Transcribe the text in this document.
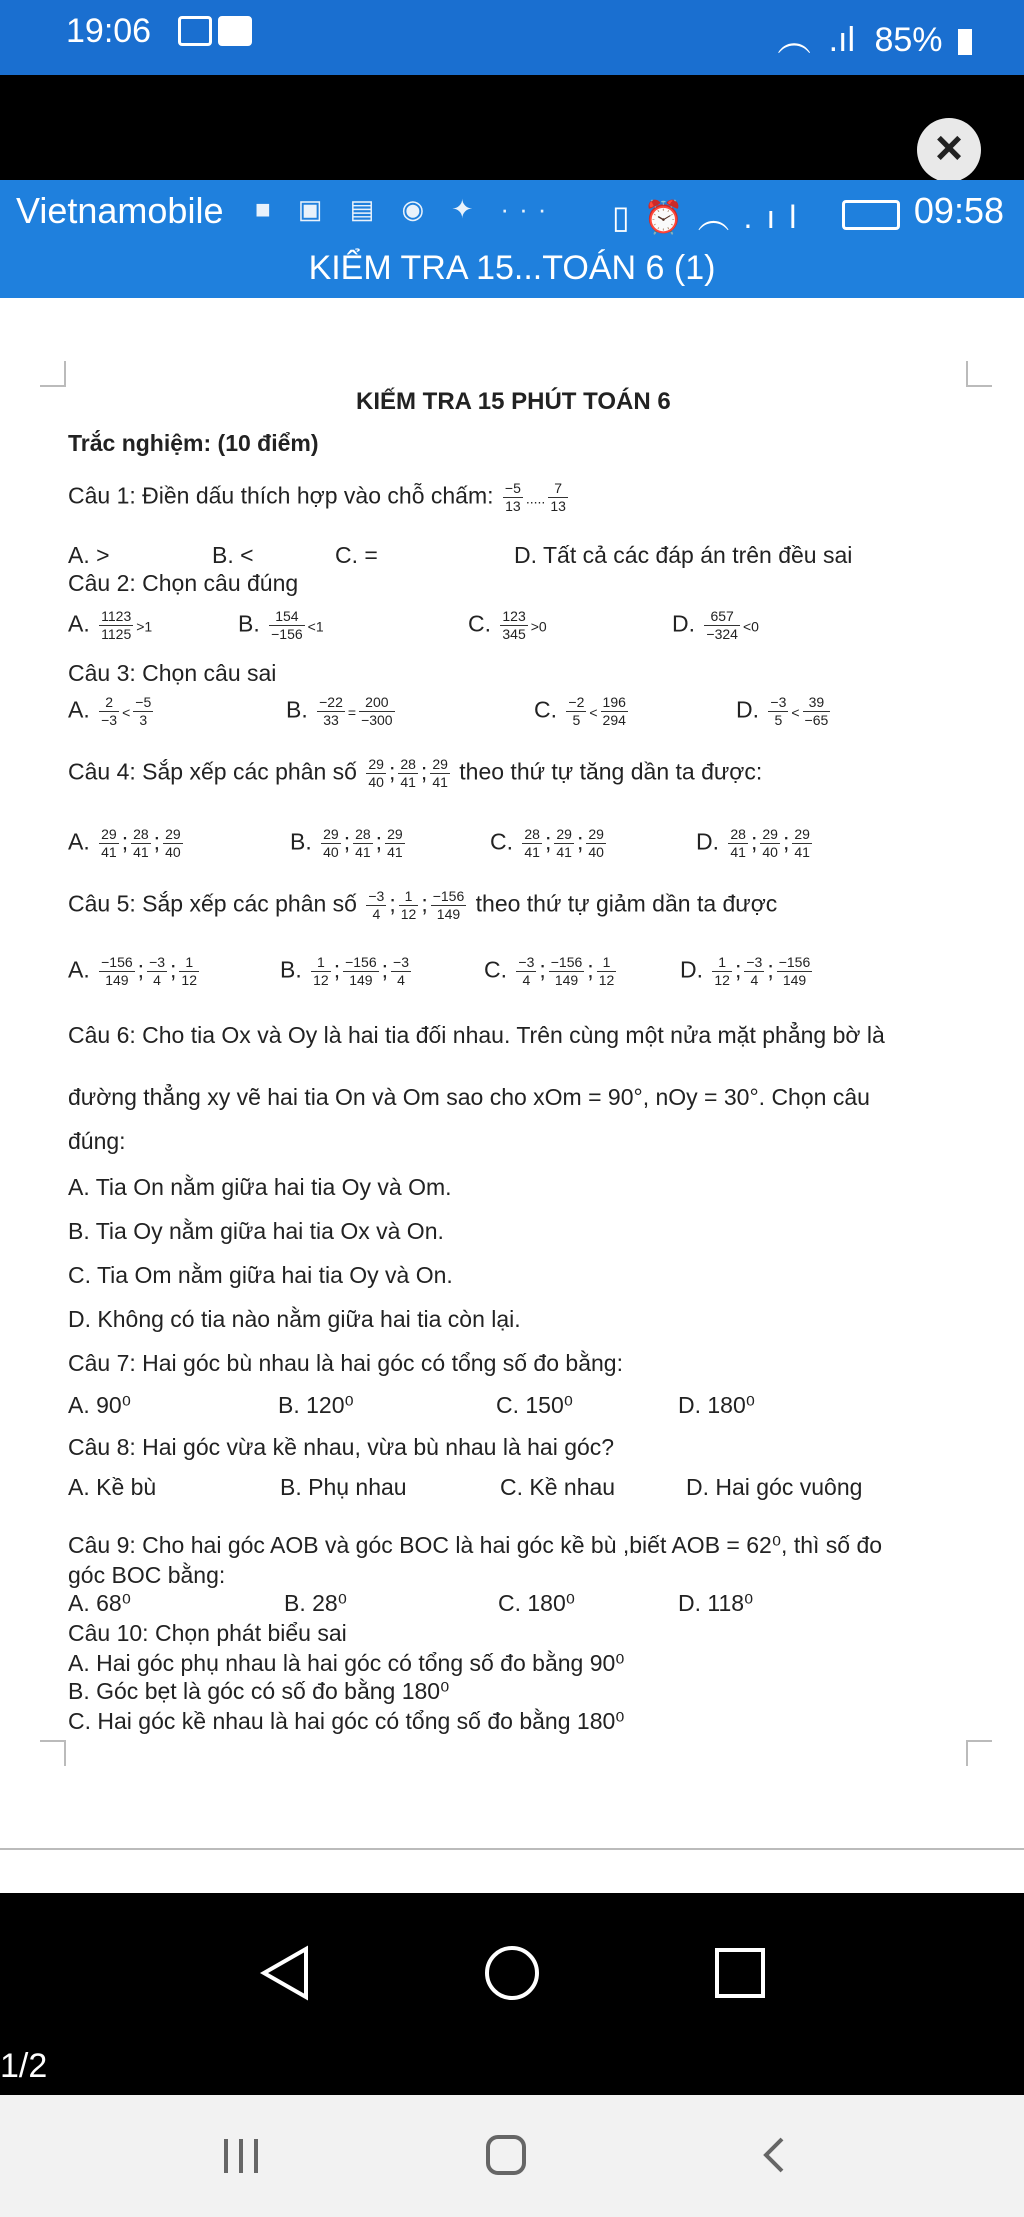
19:06	︵ .ıl 85%
×
Vietnamobile ■ ▣ ▤ ◉ ✦ ··· ▯⏰︵.ıl	09:58
KIỂM TRA 15...TOÁN 6 (1)
KIẾM TRA 15 PHÚT TOÁN 6
Trắc nghiệm: (10 điểm)
Câu 1: Điền dấu thích hợp vào chỗ chấm: $\frac{-5}{13}$ ..... $\frac{7}{13}$
A. >	B. <	C. =	D. Tất cả các đáp án trên đều sai
Câu 2: Chọn câu đúng
A. $\frac{1123}{1125} >1$	B. $\frac{154}{-156} <1$	C. $\frac{123}{345} >0$	D. $\frac{657}{-324} <0$
Câu 3: Chọn câu sai
A. $\frac{2}{-3} < \frac{-5}{3}$	B. $\frac{-22}{33} = \frac{200}{-300}$	C. $\frac{-2}{5} < \frac{196}{294}$	D. $\frac{-3}{5} < \frac{39}{-65}$
Câu 4: Sắp xếp các phân số $\frac{29}{40}$ ; $\frac{28}{41}$ ; $\frac{29}{41}$ theo thứ tự tăng dần ta được:
A. $\frac{29}{41}$ ; $\frac{28}{41}$ ; $\frac{29}{40}$	B. $\frac{29}{40}$ ; $\frac{28}{41}$ ; $\frac{29}{41}$	C. $\frac{28}{41}$ ; $\frac{29}{41}$ ; $\frac{29}{40}$	D. $\frac{28}{41}$ ; $\frac{29}{40}$ ; $\frac{29}{41}$
Câu 5: Sắp xếp các phân số $\frac{-3}{4}$ ; $\frac{1}{12}$ ; $\frac{-156}{149}$ theo thứ tự giảm dần ta được
A. $\frac{-156}{149}$ ; $\frac{-3}{4}$ ; $\frac{1}{12}$	B. $\frac{1}{12}$ ; $\frac{-156}{149}$ ; $\frac{-3}{4}$	C. $\frac{-3}{4}$ ; $\frac{-156}{149}$ ; $\frac{1}{12}$	D. $\frac{1}{12}$ ; $\frac{-3}{4}$ ; $\frac{-156}{149}$
Câu 6: Cho tia Ox và Oy là hai tia đối nhau. Trên cùng một nửa mặt phẳng bờ là
đường thẳng xy vẽ hai tia On và Om sao cho xOm = 90°, nOy = 30°. Chọn câu
đúng:
A. Tia On nằm giữa hai tia Oy và Om.
B. Tia Oy nằm giữa hai tia Ox và On.
C. Tia Om nằm giữa hai tia Oy và On.
D. Không có tia nào nằm giữa hai tia còn lại.
Câu 7: Hai góc bù nhau là hai góc có tổng số đo bằng:
A. 90⁰	B. 120⁰	C. 150⁰	D. 180⁰
Câu 8: Hai góc vừa kề nhau, vừa bù nhau là hai góc?
A. Kề bù	B. Phụ nhau	C. Kề nhau	D. Hai góc vuông
Câu 9: Cho hai góc AOB và góc BOC là hai góc kề bù ,biết AOB = 62⁰, thì số đo
góc BOC bằng:
A. 68⁰	B. 28⁰	C. 180⁰	D. 118⁰
Câu 10: Chọn phát biểu sai
A. Hai góc phụ nhau là hai góc có tổng số đo bằng 90⁰
B. Góc bẹt là góc có số đo bằng 180⁰
C. Hai góc kề nhau là hai góc có tổng số đo bằng 180⁰
1/2
